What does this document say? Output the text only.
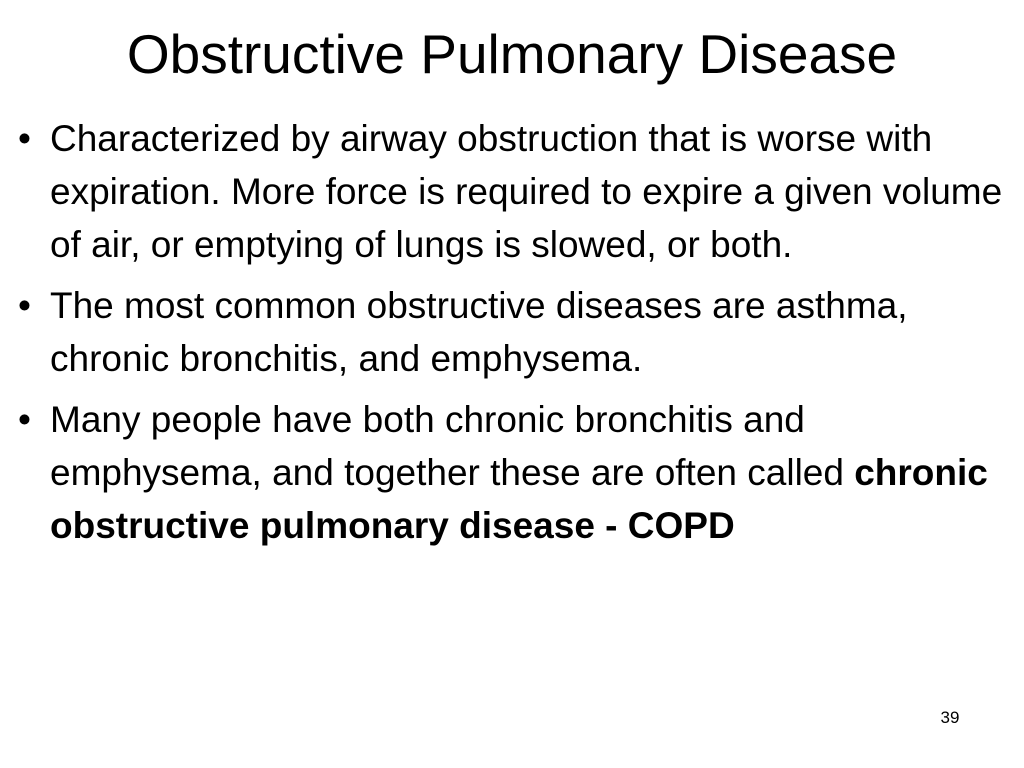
Obstructive Pulmonary Disease
• Characterized by airway obstruction that is worse with expiration. More force is required to expire a given volume of air, or emptying of lungs is slowed, or both.
• The most common obstructive diseases are asthma, chronic bronchitis, and emphysema.
• Many people have both chronic bronchitis and emphysema, and together these are often called chronic obstructive pulmonary disease - COPD
39
